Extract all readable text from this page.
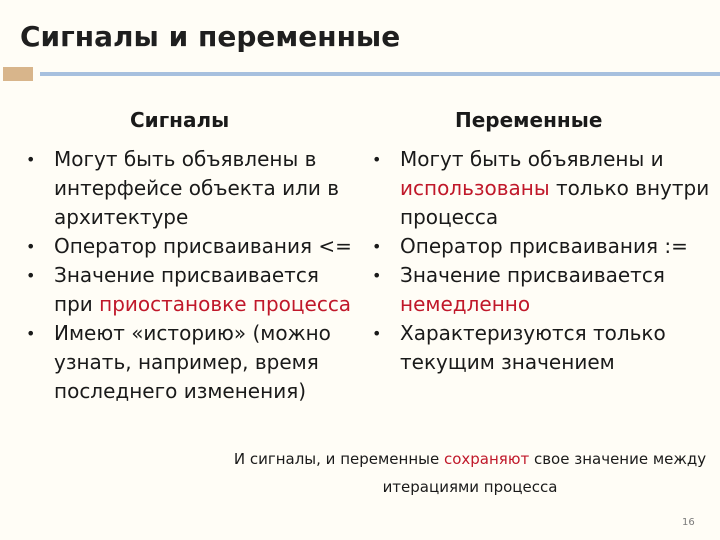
Сигналы и переменные
Сигналы	Переменные
• Могут быть объявлены в интерфейсе объекта или в архитектуре
• Оператор присваивания <=
• Значение присваивается при приостановке процесса
• Имеют «историю» (можно узнать, например, время последнего изменения)
• Могут быть объявлены и использованы только внутри процесса
• Оператор присваивания :=
• Значение присваивается немедленно
• Характеризуются только текущим значением
И сигналы, и переменные сохраняют свое значение между итерациями процесса
16
